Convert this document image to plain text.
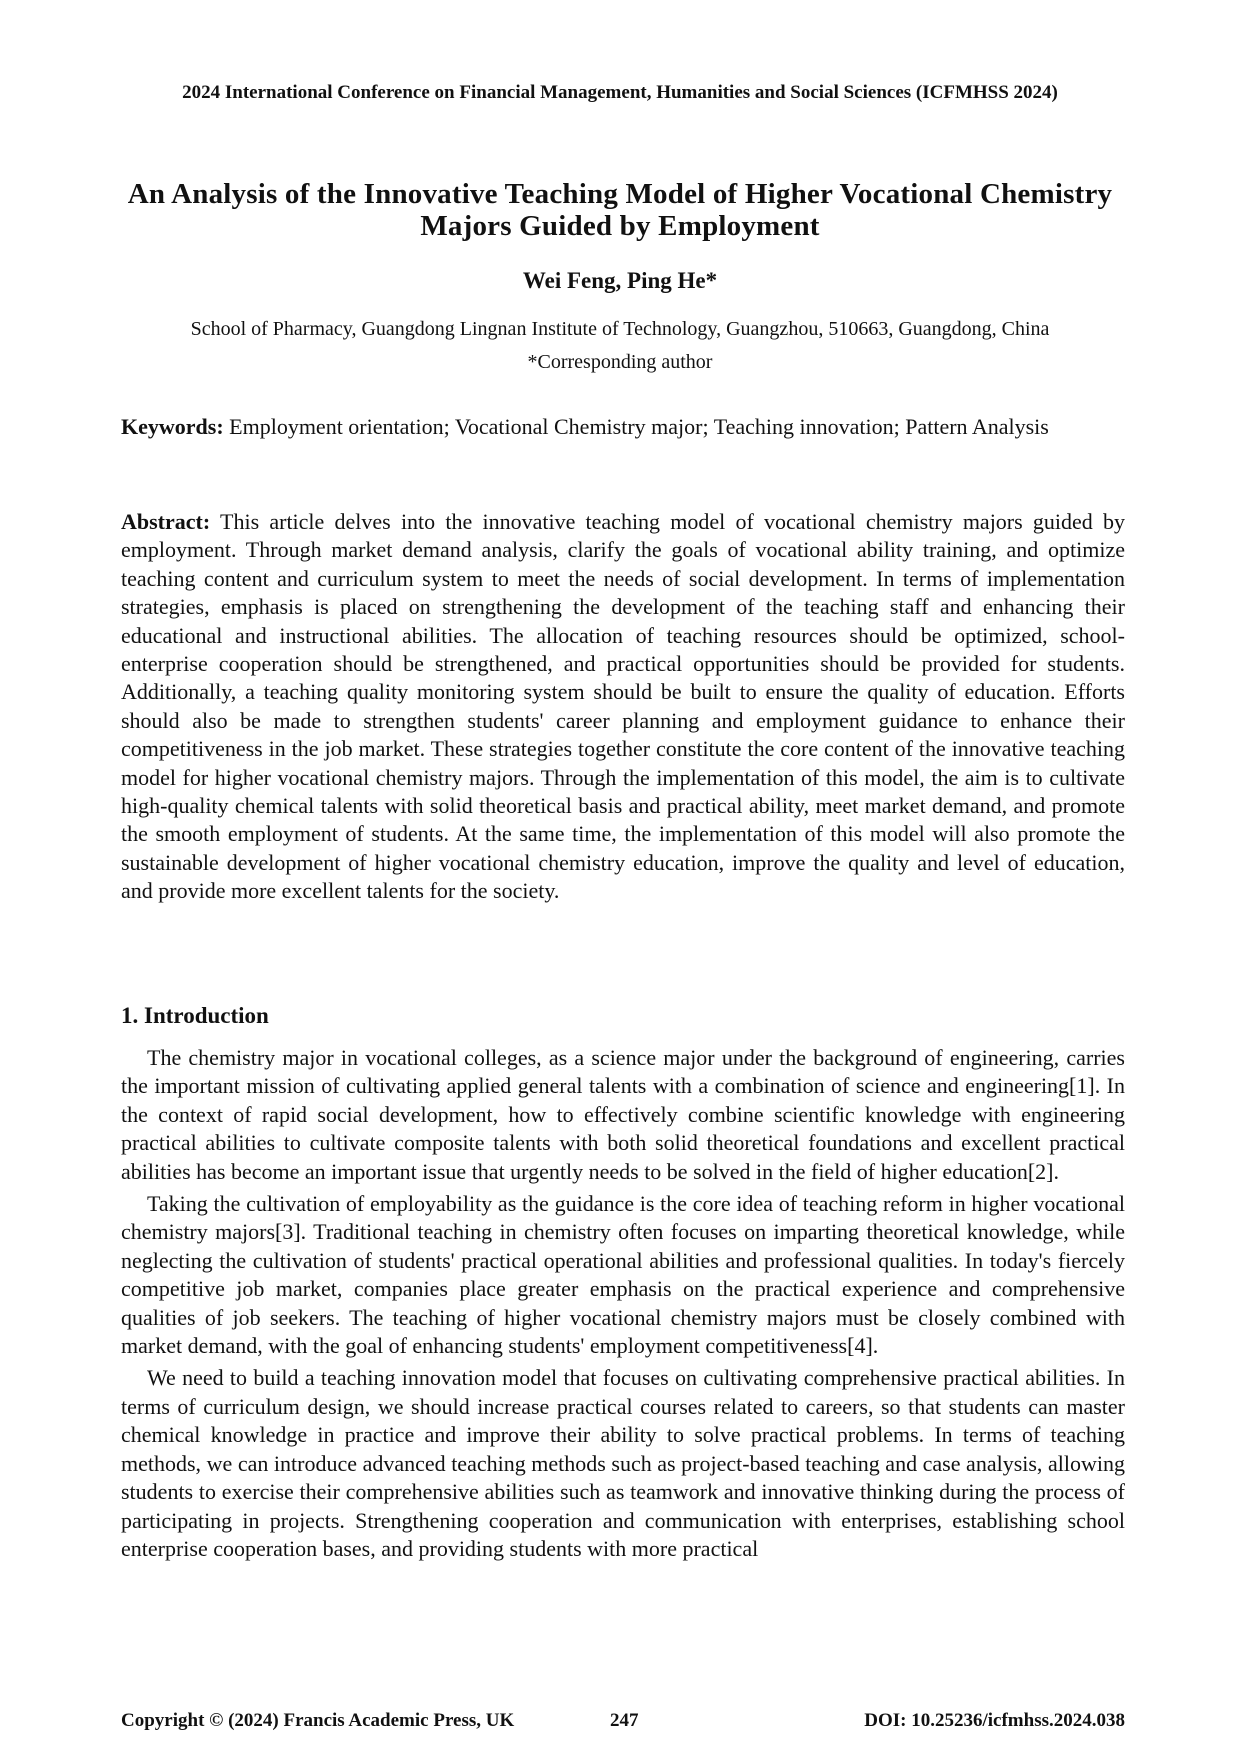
2024 International Conference on Financial Management, Humanities and Social Sciences (ICFMHSS 2024)
An Analysis of the Innovative Teaching Model of Higher Vocational Chemistry
Majors Guided by Employment
Wei Feng, Ping He*
School of Pharmacy, Guangdong Lingnan Institute of Technology, Guangzhou, 510663, Guangdong, China
*Corresponding author
Keywords: Employment orientation; Vocational Chemistry major; Teaching innovation; Pattern Analysis
Abstract: This article delves into the innovative teaching model of vocational chemistry majors guided by employment. Through market demand analysis, clarify the goals of vocational ability training, and optimize teaching content and curriculum system to meet the needs of social development. In terms of implementation strategies, emphasis is placed on strengthening the development of the teaching staff and enhancing their educational and instructional abilities. The allocation of teaching resources should be optimized, school-enterprise cooperation should be strengthened, and practical opportunities should be provided for students. Additionally, a teaching quality monitoring system should be built to ensure the quality of education. Efforts should also be made to strengthen students' career planning and employment guidance to enhance their competitiveness in the job market. These strategies together constitute the core content of the innovative teaching model for higher vocational chemistry majors. Through the implementation of this model, the aim is to cultivate high-quality chemical talents with solid theoretical basis and practical ability, meet market demand, and promote the smooth employment of students. At the same time, the implementation of this model will also promote the sustainable development of higher vocational chemistry education, improve the quality and level of education, and provide more excellent talents for the society.
1. Introduction

The chemistry major in vocational colleges, as a science major under the background of engineering, carries the important mission of cultivating applied general talents with a combination of science and engineering[1]. In the context of rapid social development, how to effectively combine scientific knowledge with engineering practical abilities to cultivate composite talents with both solid theoretical foundations and excellent practical abilities has become an important issue that urgently needs to be solved in the field of higher education[2].

Taking the cultivation of employability as the guidance is the core idea of teaching reform in higher vocational chemistry majors[3]. Traditional teaching in chemistry often focuses on imparting theoretical knowledge, while neglecting the cultivation of students' practical operational abilities and professional qualities. In today's fiercely competitive job market, companies place greater emphasis on the practical experience and comprehensive qualities of job seekers. The teaching of higher vocational chemistry majors must be closely combined with market demand, with the goal of enhancing students' employment competitiveness[4].

We need to build a teaching innovation model that focuses on cultivating comprehensive practical abilities. In terms of curriculum design, we should increase practical courses related to careers, so that students can master chemical knowledge in practice and improve their ability to solve practical problems. In terms of teaching methods, we can introduce advanced teaching methods such as project-based teaching and case analysis, allowing students to exercise their comprehensive abilities such as teamwork and innovative thinking during the process of participating in projects. Strengthening cooperation and communication with enterprises, establishing school enterprise cooperation bases, and providing students with more practical

Copyright © (2024) Francis Academic Press, UK	247	DOI: 10.25236/icfmhss.2024.038
